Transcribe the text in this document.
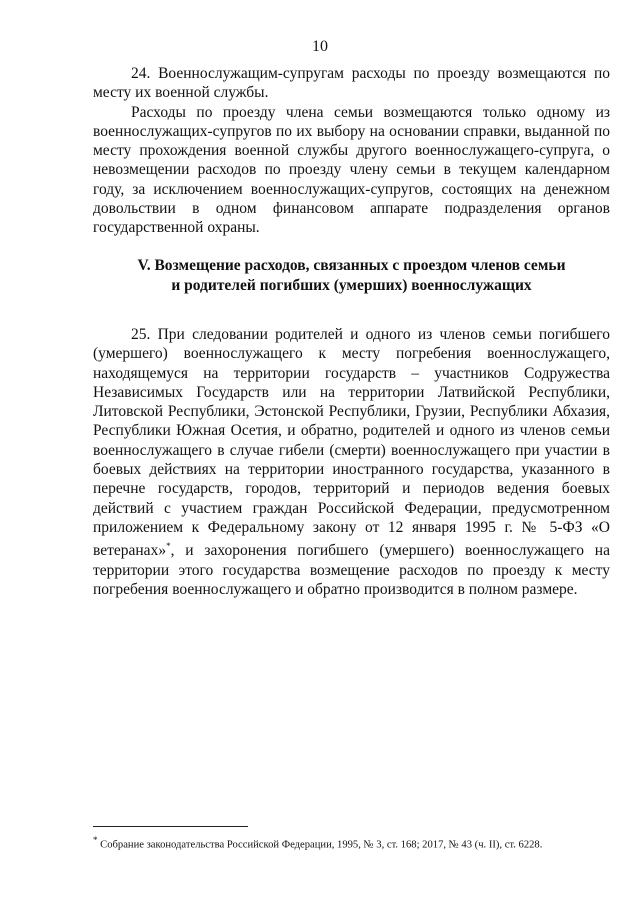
10

24. Военнослужащим-супругам расходы по проезду возмещаются по месту их военной службы.

Расходы по проезду члена семьи возмещаются только одному из военнослужащих-супругов по их выбору на основании справки, выданной по месту прохождения военной службы другого военнослужащего-супруга, о невозмещении расходов по проезду члену семьи в текущем календарном году, за исключением военнослужащих-супругов, состоящих на денежном довольствии в одном финансовом аппарате подразделения органов государственной охраны.

V. Возмещение расходов, связанных с проездом членов семьи
и родителей погибших (умерших) военнослужащих

25. При следовании родителей и одного из членов семьи погибшего (умершего) военнослужащего к месту погребения военнослужащего, находящемуся на территории государств – участников Содружества Независимых Государств или на территории Латвийской Республики, Литовской Республики, Эстонской Республики, Грузии, Республики Абхазия, Республики Южная Осетия, и обратно, родителей и одного из членов семьи военнослужащего в случае гибели (смерти) военнослужащего при участии в боевых действиях на территории иностранного государства, указанного в перечне государств, городов, территорий и периодов ведения боевых действий с участием граждан Российской Федерации, предусмотренном приложением к Федеральному закону от 12 января 1995 г. № 5-ФЗ «О ветеранах»*, и захоронения погибшего (умершего) военнослужащего на территории этого государства возмещение расходов по проезду к месту погребения военнослужащего и обратно производится в полном размере.

* Собрание законодательства Российской Федерации, 1995, № 3, ст. 168; 2017, № 43 (ч. II), ст. 6228.
